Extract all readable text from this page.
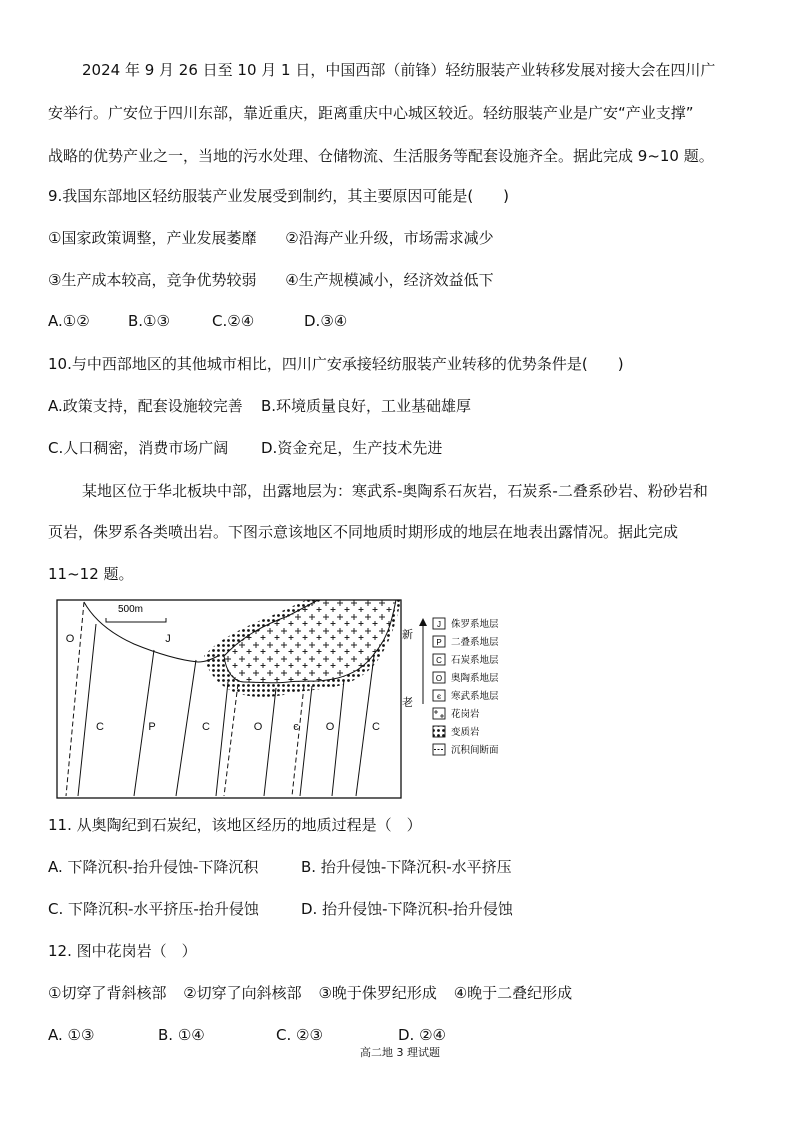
2024 年 9 月 26 日至 10 月 1 日，中国西部（前锋）轻纺服装产业转移发展对接大会在四川广
安举行。广安位于四川东部，靠近重庆，距离重庆中心城区较近。轻纺服装产业是广安“产业支撑”
战略的优势产业之一，当地的污水处理、仓储物流、生活服务等配套设施齐全。据此完成 9~10 题。
9.我国东部地区轻纺服装产业发展受到制约，其主要原因可能是(　　)
①国家政策调整，产业发展萎靡 ②沿海产业升级，市场需求减少
③生产成本较高，竞争优势较弱 ④生产规模减小，经济效益低下
A.①②	B.①③	C.②④	D.③④
10.与中西部地区的其他城市相比，四川广安承接轻纺服装产业转移的优势条件是(　　)
A.政策支持，配套设施较完善 B.环境质量良好，工业基础雄厚
C.人口稠密，消费市场广阔 D.资金充足，生产技术先进
某地区位于华北板块中部，出露地层为：寒武系-奥陶系石灰岩，石炭系-二叠系砂岩、粉砂岩和
页岩，侏罗系各类喷出岩。下图示意该地区不同地质时期形成的地层在地表出露情况。据此完成
11~12 题。
500m
O	J
C	P	C	O	є O	C
新
老
J 侏罗系地层
P 二叠系地层
C 石炭系地层
O 奥陶系地层
є 寒武系地层
花岗岩
变质岩
沉积间断面
11. 从奥陶纪到石炭纪，该地区经历的地质过程是（　）
A. 下降沉积-抬升侵蚀-下降沉积	B. 抬升侵蚀-下降沉积-水平挤压
C. 下降沉积-水平挤压-抬升侵蚀	D. 抬升侵蚀-下降沉积-抬升侵蚀
12. 图中花岗岩（　）
①切穿了背斜核部 ②切穿了向斜核部 ③晚于侏罗纪形成 ④晚于二叠纪形成
A. ①③	B. ①④	C. ②③	D. ②④
高二地 3 理试题
